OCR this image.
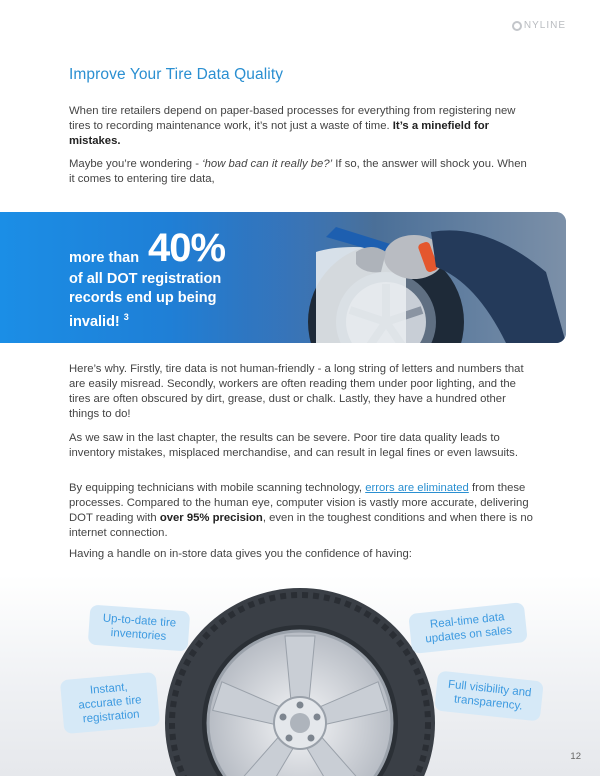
NYLINE
Improve Your Tire Data Quality

When tire retailers depend on paper-based processes for everything from registering new tires to recording maintenance work, it’s not just a waste of time. It’s a minefield for mistakes.

Maybe you’re wondering - ‘how bad can it really be?’ If so, the answer will shock you. When it comes to entering tire data,

more than 40%
of all DOT registration records end up being invalid! $^3$

Here’s why. Firstly, tire data is not human-friendly - a long string of letters and numbers that are easily misread. Secondly, workers are often reading them under poor lighting, and the tires are often obscured by dirt, grease, dust or chalk. Lastly, they have a hundred other things to do!

As we saw in the last chapter, the results can be severe. Poor tire data quality leads to inventory mistakes, misplaced merchandise, and can result in legal fines or even lawsuits.

By equipping technicians with mobile scanning technology, errors are eliminated from these processes. Compared to the human eye, computer vision is vastly more accurate, delivering DOT reading with over 95% precision, even in the toughest conditions and when there is no internet connection.

Having a handle on in-store data gives you the confidence of having:

Up-to-date tire inventories
Real-time data updates on sales
Instant, accurate tire registration
Full visibility and transparency.
12
